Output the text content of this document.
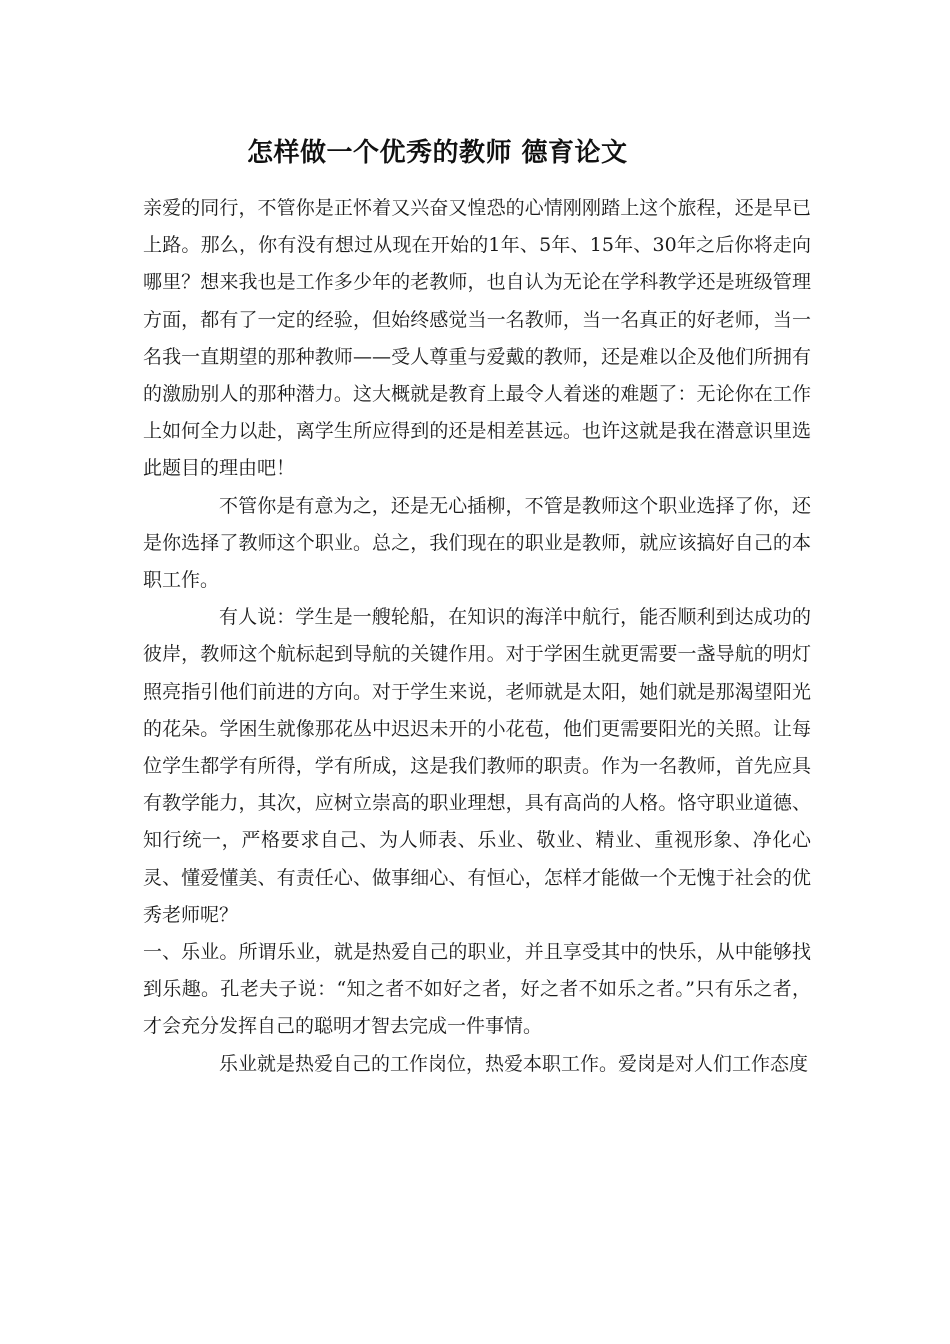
怎样做一个优秀的教师 德育论文

亲爱的同行，不管你是正怀着又兴奋又惶恐的心情刚刚踏上这个旅程，还是早已上路。那么，你有没有想过从现在开始的1年、5年、15年、30年之后你将走向哪里？想来我也是工作多少年的老教师，也自认为无论在学科教学还是班级管理方面，都有了一定的经验，但始终感觉当一名教师，当一名真正的好老师，当一名我一直期望的那种教师——受人尊重与爱戴的教师，还是难以企及他们所拥有的激励别人的那种潜力。这大概就是教育上最令人着迷的难题了：无论你在工作上如何全力以赴，离学生所应得到的还是相差甚远。也许这就是我在潜意识里选此题目的理由吧！

不管你是有意为之，还是无心插柳，不管是教师这个职业选择了你，还是你选择了教师这个职业。总之，我们现在的职业是教师，就应该搞好自己的本职工作。

有人说：学生是一艘轮船，在知识的海洋中航行，能否顺利到达成功的彼岸，教师这个航标起到导航的关键作用。对于学困生就更需要一盏导航的明灯照亮指引他们前进的方向。对于学生来说，老师就是太阳，她们就是那渴望阳光的花朵。学困生就像那花丛中迟迟未开的小花苞，他们更需要阳光的关照。让每位学生都学有所得，学有所成，这是我们教师的职责。作为一名教师，首先应具有教学能力，其次，应树立崇高的职业理想，具有高尚的人格。恪守职业道德、知行统一，严格要求自己、为人师表、乐业、敬业、精业、重视形象、净化心灵、懂爱懂美、有责任心、做事细心、有恒心，怎样才能做一个无愧于社会的优秀老师呢？

一、乐业。所谓乐业，就是热爱自己的职业，并且享受其中的快乐，从中能够找到乐趣。孔老夫子说：“知之者不如好之者，好之者不如乐之者。”只有乐之者，才会充分发挥自己的聪明才智去完成一件事情。

乐业就是热爱自己的工作岗位，热爱本职工作。爱岗是对人们工作态度
